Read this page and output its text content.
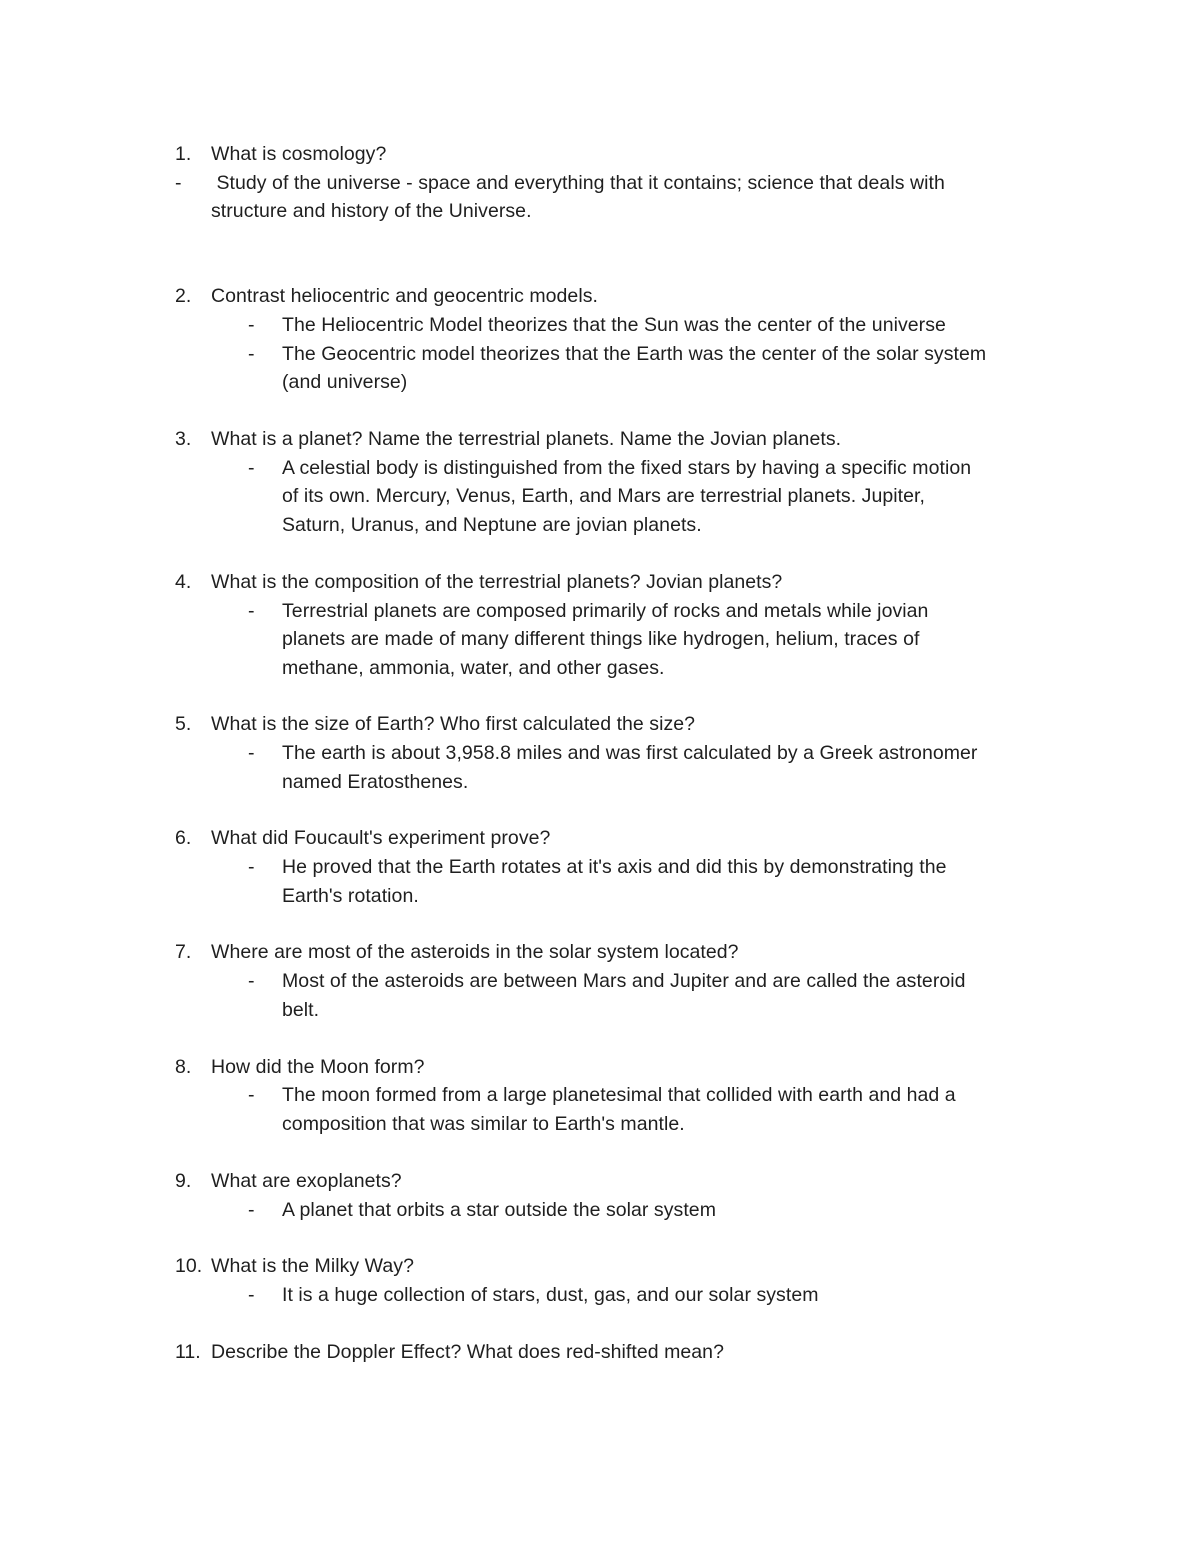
1. What is cosmology?
- Study of the universe - space and everything that it contains; science that deals with
structure and history of the Universe.
2. Contrast heliocentric and geocentric models.
- The Heliocentric Model theorizes that the Sun was the center of the universe
- The Geocentric model theorizes that the Earth was the center of the solar system
(and universe)
3. What is a planet? Name the terrestrial planets. Name the Jovian planets.
- A celestial body is distinguished from the fixed stars by having a specific motion
of its own. Mercury, Venus, Earth, and Mars are terrestrial planets. Jupiter,
Saturn, Uranus, and Neptune are jovian planets.
4. What is the composition of the terrestrial planets? Jovian planets?
- Terrestrial planets are composed primarily of rocks and metals while jovian
planets are made of many different things like hydrogen, helium, traces of
methane, ammonia, water, and other gases.
5. What is the size of Earth? Who first calculated the size?
- The earth is about 3,958.8 miles and was first calculated by a Greek astronomer
named Eratosthenes.
6. What did Foucault's experiment prove?
- He proved that the Earth rotates at it's axis and did this by demonstrating the
Earth's rotation.
7. Where are most of the asteroids in the solar system located?
- Most of the asteroids are between Mars and Jupiter and are called the asteroid
belt.
8. How did the Moon form?
- The moon formed from a large planetesimal that collided with earth and had a
composition that was similar to Earth's mantle.
9. What are exoplanets?
- A planet that orbits a star outside the solar system
10. What is the Milky Way?
- It is a huge collection of stars, dust, gas, and our solar system
11. Describe the Doppler Effect? What does red-shifted mean?
